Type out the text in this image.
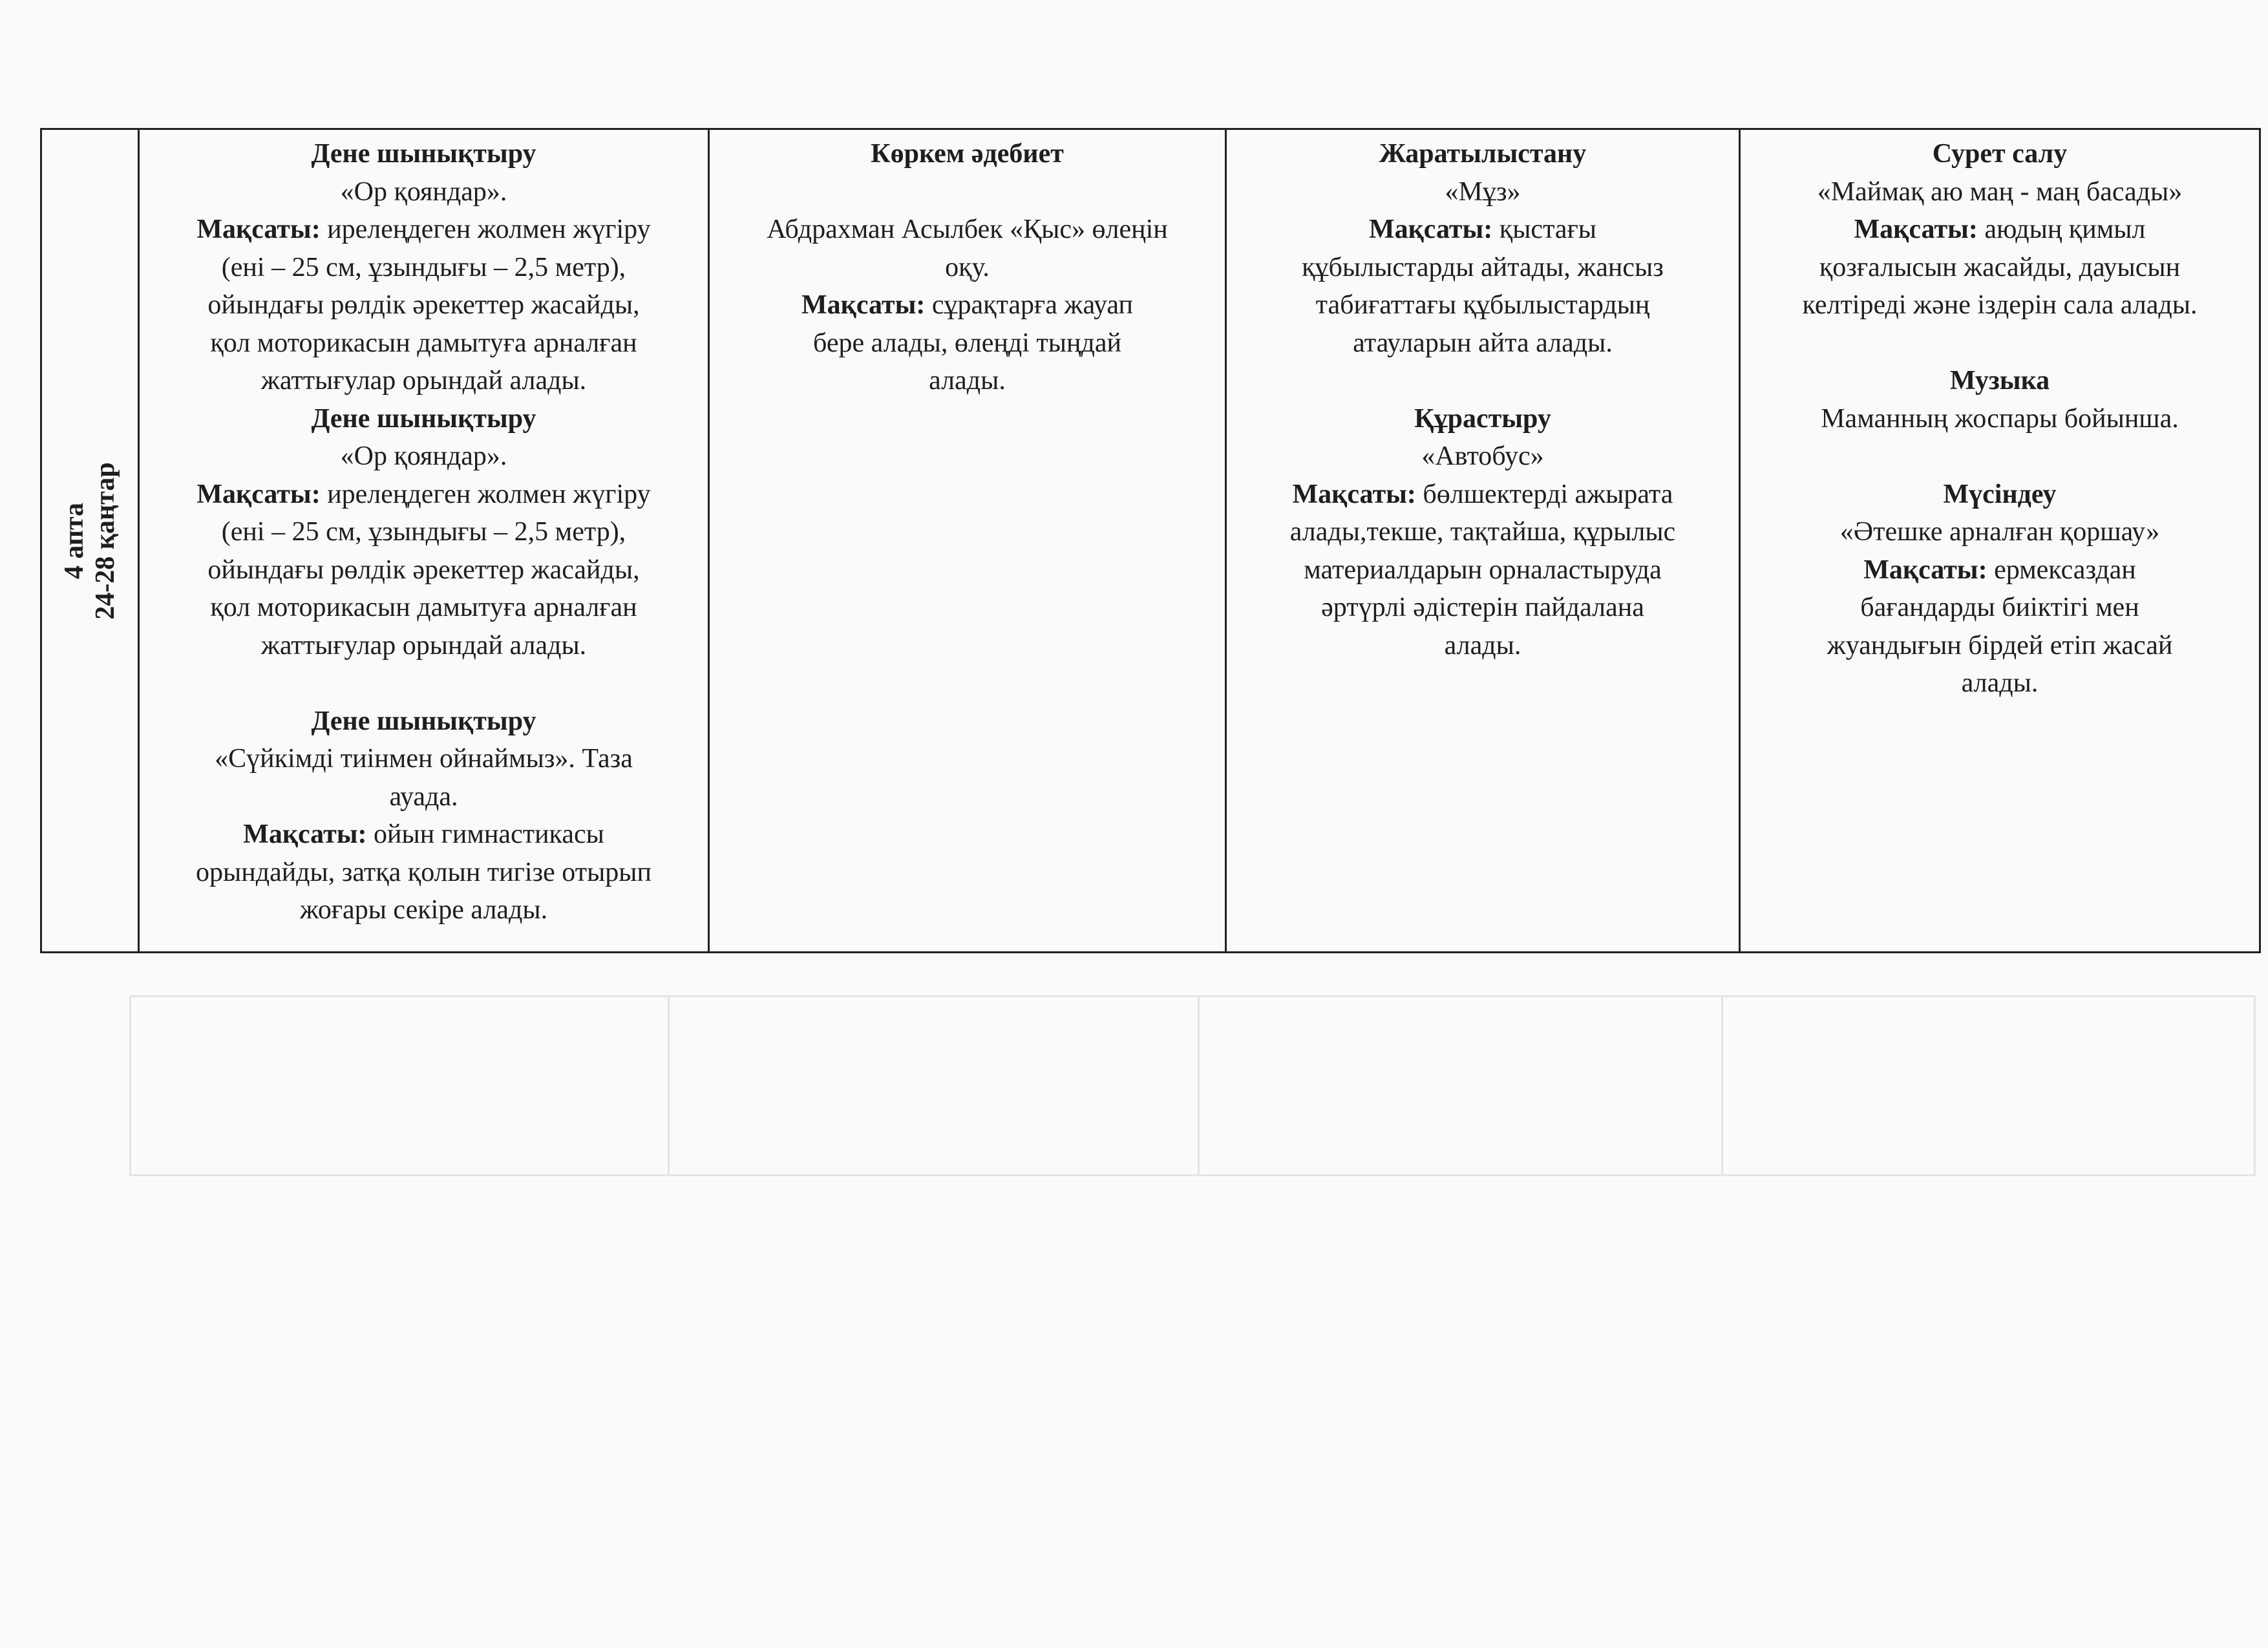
4 апта 24-28 қаңтар
Дене шынықтыру
«Ор қояндар».
Мақсаты: ирелеңдеген жолмен жүгіру
(ені – 25 см, ұзындығы – 2,5 метр),
ойындағы рөлдік әрекеттер жасайды,
қол моторикасын дамытуға арналған
жаттығулар орындай алады.
Дене шынықтыру
«Ор қояндар».
Мақсаты: ирелеңдеген жолмен жүгіру
(ені – 25 см, ұзындығы – 2,5 метр),
ойындағы рөлдік әрекеттер жасайды,
қол моторикасын дамытуға арналған
жаттығулар орындай алады.
Дене шынықтыру
«Сүйкімді тиінмен ойнаймыз». Таза
ауада.
Мақсаты: ойын гимнастикасы
орындайды, затқа қолын тигізе отырып
жоғары секіре алады.
Көркем әдебиет
Абдрахман Асылбек «Қыс» өлеңін
оқу.
Мақсаты: сұрақтарға жауап
бере алады, өлеңді тыңдай
алады.
Жаратылыстану
«Мұз»
Мақсаты: қыстағы
құбылыстарды айтады, жансыз
табиғаттағы құбылыстардың
атауларын айта алады.
Құрастыру
«Автобус»
Мақсаты: бөлшектерді ажырата
алады,текше, тақтайша, құрылыс
материалдарын орналастыруда
әртүрлі әдістерін пайдалана
алады.
Сурет салу
«Маймақ аю маң - маң басады»
Мақсаты: аюдың қимыл
қозғалысын жасайды, дауысын
келтіреді және іздерін сала алады.
Музыка
Маманның жоспары бойынша.
Мүсіндеу
«Әтешке арналған қоршау»
Мақсаты: ермексаздан
бағандарды биіктігі мен
жуандығын бірдей етіп жасай
алады.
